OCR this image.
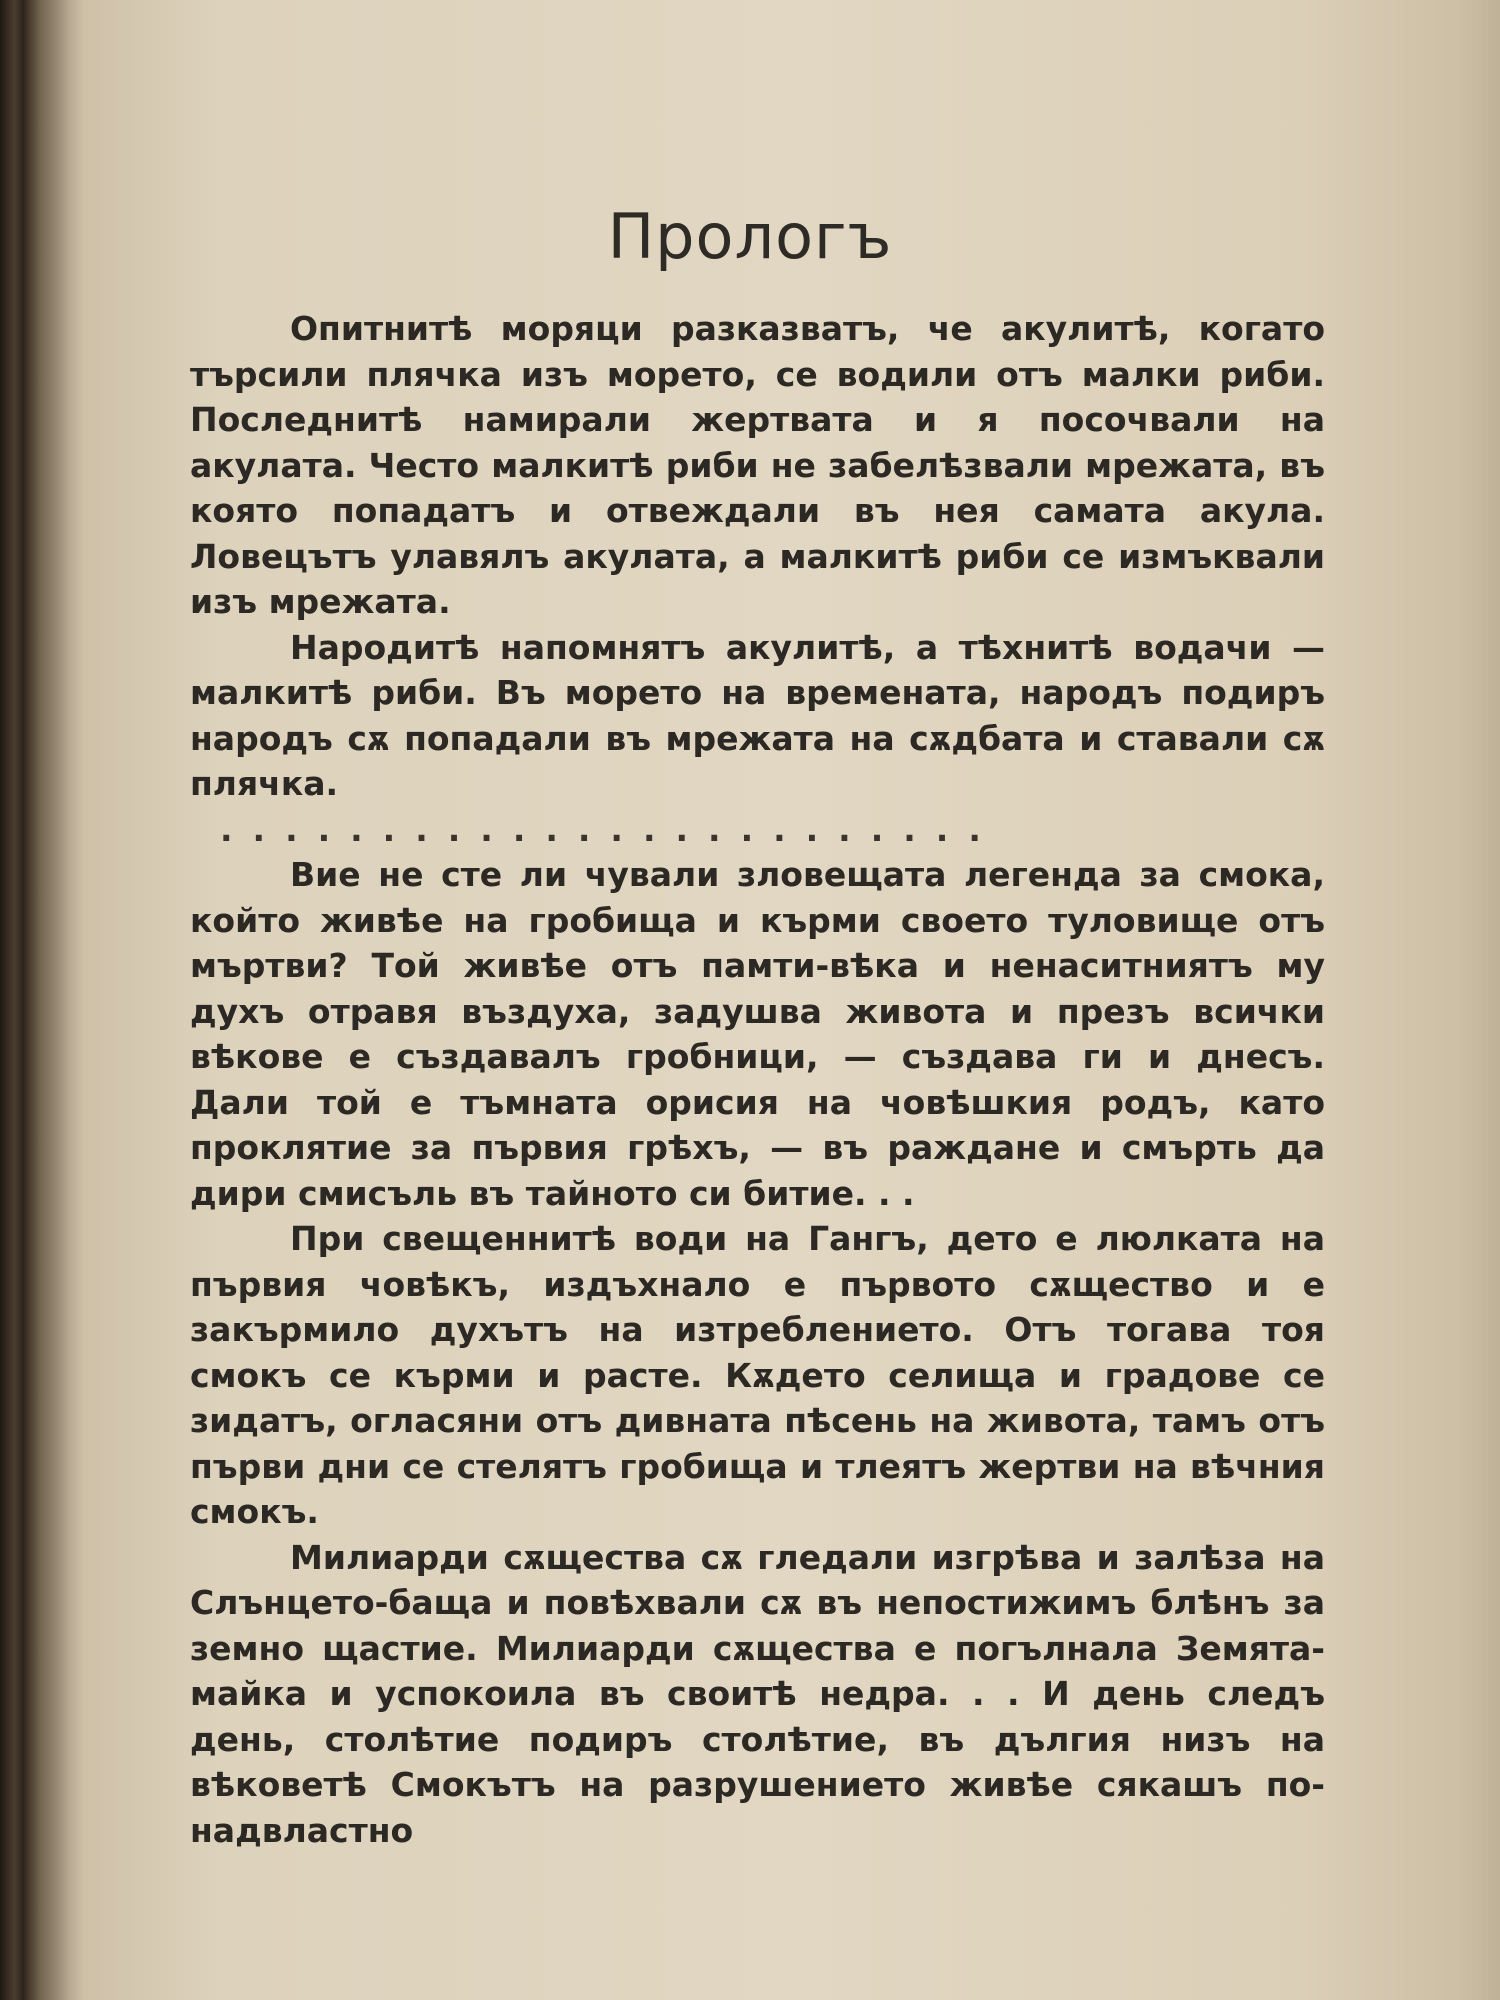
Прологъ

Опитнитѣ моряци разказватъ, че акулитѣ, когато търсили плячка изъ морето, се водили отъ малки риби. Последнитѣ намирали жертвата и я посочвали на акулата. Често малкитѣ риби не забелѣзвали мрежата, въ която попадатъ и отвеждали въ нея самата акула. Ловецътъ улавялъ акулата, а малкитѣ риби се измъквали изъ мрежата.

Народитѣ напомнятъ акулитѣ, а тѣхнитѣ водачи — малкитѣ риби. Въ морето на времената, народъ подиръ народъ сѫ попадали въ мрежата на сѫдбата и ставали сѫ плячка.

........................

Вие не сте ли чували зловещата легенда за смока, който живѣе на гробища и кърми своето туловище отъ мъртви? Той живѣе отъ памти-вѣка и ненаситниятъ му духъ отравя въздуха, задушва живота и презъ всички вѣкове е създавалъ гробници, — създава ги и днесъ. Дали той е тъмната орисия на човѣшкия родъ, като проклятие за първия грѣхъ, — въ раждане и смърть да дири смисъль въ тайното си битие. . .

При свещеннитѣ води на Гангъ, дето е люлката на първия човѣкъ, издъхнало е първото сѫщество и е закърмило духътъ на изтреблението. Отъ тогава тоя смокъ се кърми и расте. Кѫдето селища и градове се зидатъ, огласяни отъ дивната пѣсень на живота, тамъ отъ първи дни се стелятъ гробища и тлеятъ жертви на вѣчния смокъ.

Милиарди сѫщества сѫ гледали изгрѣва и залѣза на Слънцето-баща и повѣхвали сѫ въ непостижимъ блѣнъ за земно щастие. Милиарди сѫщества е погълнала Земята-майка и успокоила въ своитѣ недра. . . И день следъ день, столѣтие подиръ столѣтие, въ дългия низъ на вѣковетѣ Смокътъ на разрушението живѣе сякашъ по-надвластно
